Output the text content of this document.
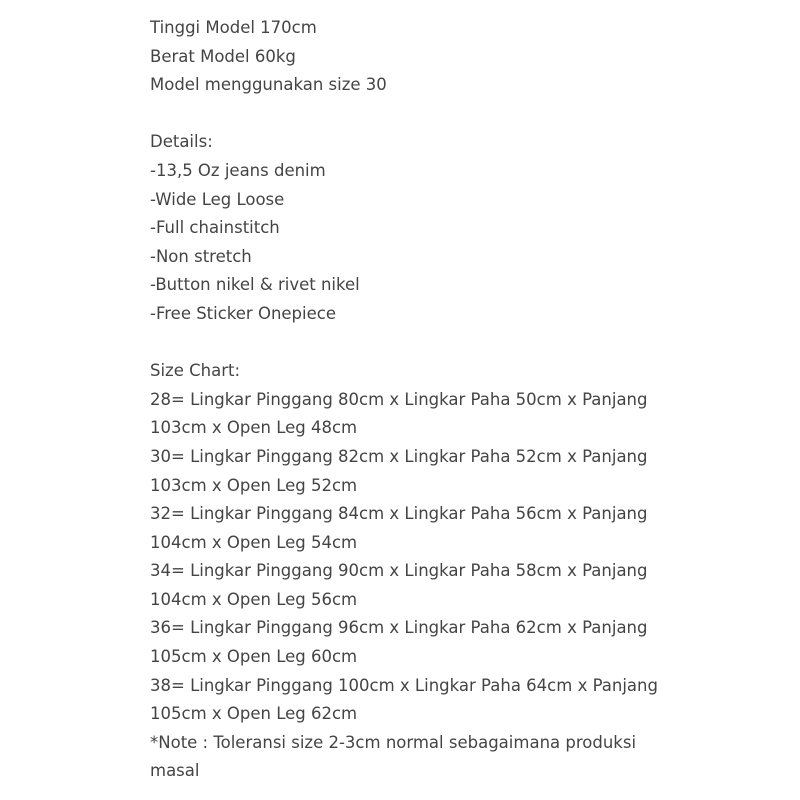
Tinggi Model 170cm
Berat Model 60kg
Model menggunakan size 30
Details:
-13,5 Oz jeans denim
-Wide Leg Loose
-Full chainstitch
-Non stretch
-Button nikel & rivet nikel
-Free Sticker Onepiece
Size Chart:
28= Lingkar Pinggang 80cm x Lingkar Paha 50cm x Panjang
103cm x Open Leg 48cm
30= Lingkar Pinggang 82cm x Lingkar Paha 52cm x Panjang
103cm x Open Leg 52cm
32= Lingkar Pinggang 84cm x Lingkar Paha 56cm x Panjang
104cm x Open Leg 54cm
34= Lingkar Pinggang 90cm x Lingkar Paha 58cm x Panjang
104cm x Open Leg 56cm
36= Lingkar Pinggang 96cm x Lingkar Paha 62cm x Panjang
105cm x Open Leg 60cm
38= Lingkar Pinggang 100cm x Lingkar Paha 64cm x Panjang
105cm x Open Leg 62cm
*Note : Toleransi size 2-3cm normal sebagaimana produksi
masal
